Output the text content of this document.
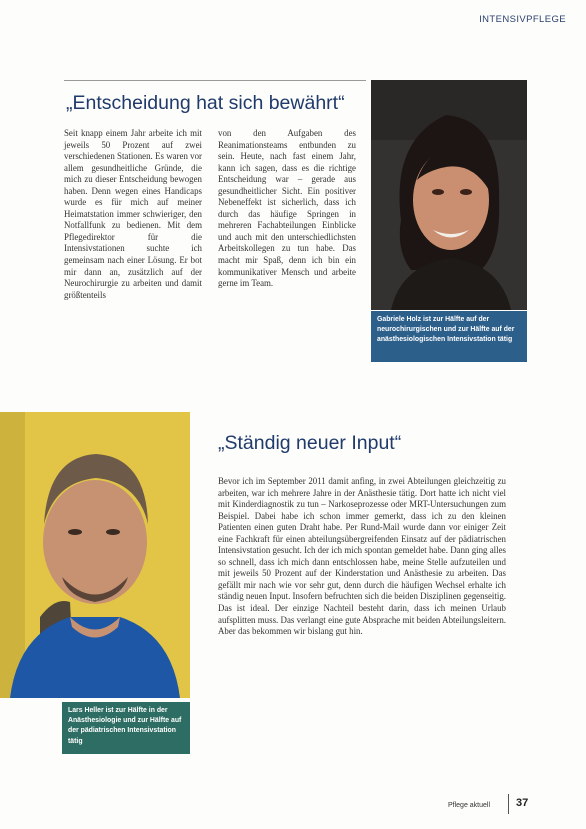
INTENSIVPFLEGE
„Entscheidung hat sich bewährt“

Seit knapp einem Jahr arbeite ich mit jeweils 50 Prozent auf zwei verschiedenen Stationen. Es waren vor allem gesundheitliche Gründe, die mich zu dieser Entscheidung bewogen haben. Denn wegen eines Handicaps wurde es für mich auf meiner Heimatstation immer schwieriger, den Notfallfunk zu bedienen. Mit dem Pflegedirektor für die Intensivstationen suchte ich gemeinsam nach einer Lösung. Er bot mir dann an, zusätzlich auf der Neurochirurgie zu arbeiten und damit größtenteils

von den Aufgaben des Reanimationsteams entbunden zu sein. Heute, nach fast einem Jahr, kann ich sagen, dass es die richtige Entscheidung war – gerade aus gesundheitlicher Sicht. Ein positiver Nebeneffekt ist sicherlich, dass ich durch das häufige Springen in mehreren Fachabteilungen Einblicke und auch mit den unterschiedlichsten Arbeitskollegen zu tun habe. Das macht mir Spaß, denn ich bin ein kommunikativer Mensch und arbeite gerne im Team.

Gabriele Holz ist zur Hälfte auf der neurochirurgischen und zur Hälfte auf der anästhesiologischen Intensivstation tätig
Lars Heller ist zur Hälfte in der Anästhesiologie und zur Hälfte auf der pädiatrischen Intensivstation tätig
„Ständig neuer Input“

Bevor ich im September 2011 damit anfing, in zwei Abteilungen gleichzeitig zu arbeiten, war ich mehrere Jahre in der Anästhesie tätig. Dort hatte ich nicht viel mit Kinderdiagnostik zu tun – Narkoseprozesse oder MRT-Untersuchungen zum Beispiel. Dabei habe ich schon immer gemerkt, dass ich zu den kleinen Patienten einen guten Draht habe. Per Rund-Mail wurde dann vor einiger Zeit eine Fachkraft für einen abteilungsübergreifenden Einsatz auf der pädiatrischen Intensivstation gesucht. Ich der ich mich spontan gemeldet habe. Dann ging alles so schnell, dass ich mich dann entschlossen habe, meine Stelle aufzuteilen und mit jeweils 50 Prozent auf der Kinderstation und Anästhesie zu arbeiten. Das gefällt mir nach wie vor sehr gut, denn durch die häufigen Wechsel erhalte ich ständig neuen Input. Insofern befruchten sich die beiden Disziplinen gegenseitig. Das ist ideal. Der einzige Nachteil besteht darin, dass ich meinen Urlaub aufsplitten muss. Das verlangt eine gute Absprache mit beiden Abteilungsleitern. Aber das bekommen wir bislang gut hin.

Pflege aktuell 37
